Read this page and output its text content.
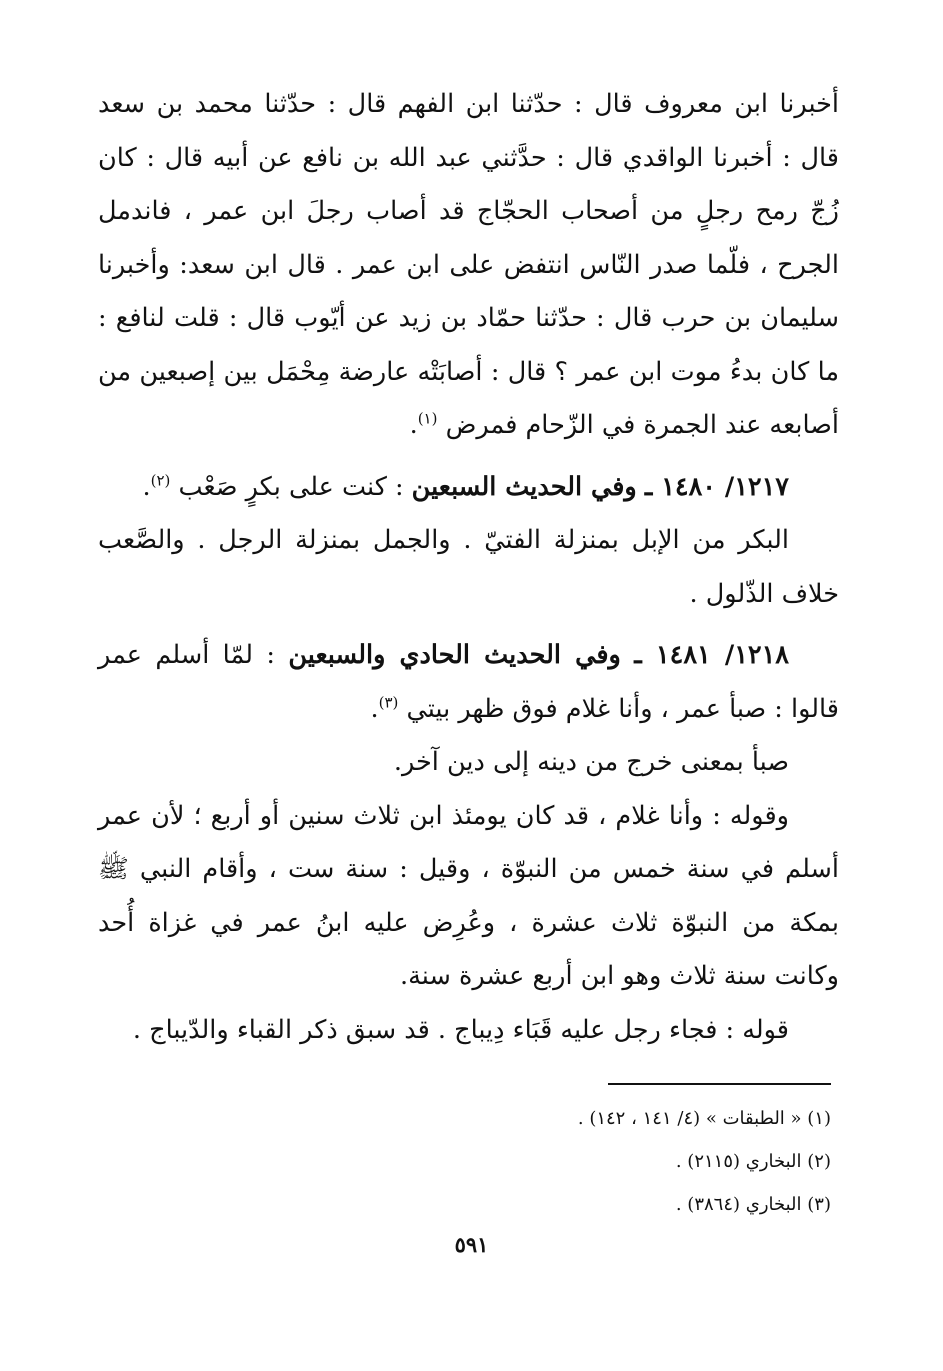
أخبرنا ابن معروف قال : حدّثنا ابن الفهم قال : حدّثنا محمد بن سعد قال : أخبرنا الواقدي قال : حدَّثني عبد الله بن نافع عن أبيه قال : كان زُجّ رمح رجلٍ من أصحاب الحجّاج قد أصاب رجلَ ابن عمر ، فاندمل الجرح ، فلّما صدر النّاس انتفض على ابن عمر . قال ابن سعد: وأخبرنا سليمان بن حرب قال : حدّثنا حمّاد بن زيد عن أيّوب قال : قلت لنافع : ما كان بدءُ موت ابن عمر ؟ قال : أصابَتْه عارضة مِحْمَل بين إصبعين من أصابعه عند الجمرة في الزّحام فمرض $^{(١)}$.

١٢١٧/ ١٤٨٠ ـ وفي الحديث السبعين : كنت على بكرٍ صَعْب $^{(٢)}$.

البكر من الإبل بمنزلة الفتيّ . والجمل بمنزلة الرجل . والصَّعب خلاف الذّلول .

١٢١٨/ ١٤٨١ ـ وفي الحديث الحادي والسبعين : لمّا أسلم عمر قالوا : صبأ عمر ، وأنا غلام فوق ظهر بيتي $^{(٣)}$.

صبأ بمعنى خرج من دينه إلى دين آخر.

وقوله : وأنا غلام ، قد كان يومئذ ابن ثلاث سنين أو أربع ؛ لأن عمر أسلم في سنة خمس من النبوّة ، وقيل : سنة ست ، وأقام النبي ﷺ بمكة من النبوّة ثلاث عشرة ، وعُرِض عليه ابنُ عمر في غزاة أُحد وكانت سنة ثلاث وهو ابن أربع عشرة سنة.

قوله : فجاء رجل عليه قَبَاء دِيباج . قد سبق ذكر القباء والدّيباج .

(١) « الطبقات » (٤/ ١٤١ ، ١٤٢) .

(٢) البخاري (٢١١٥) .

(٣) البخاري (٣٨٦٤) .

٥٩١
